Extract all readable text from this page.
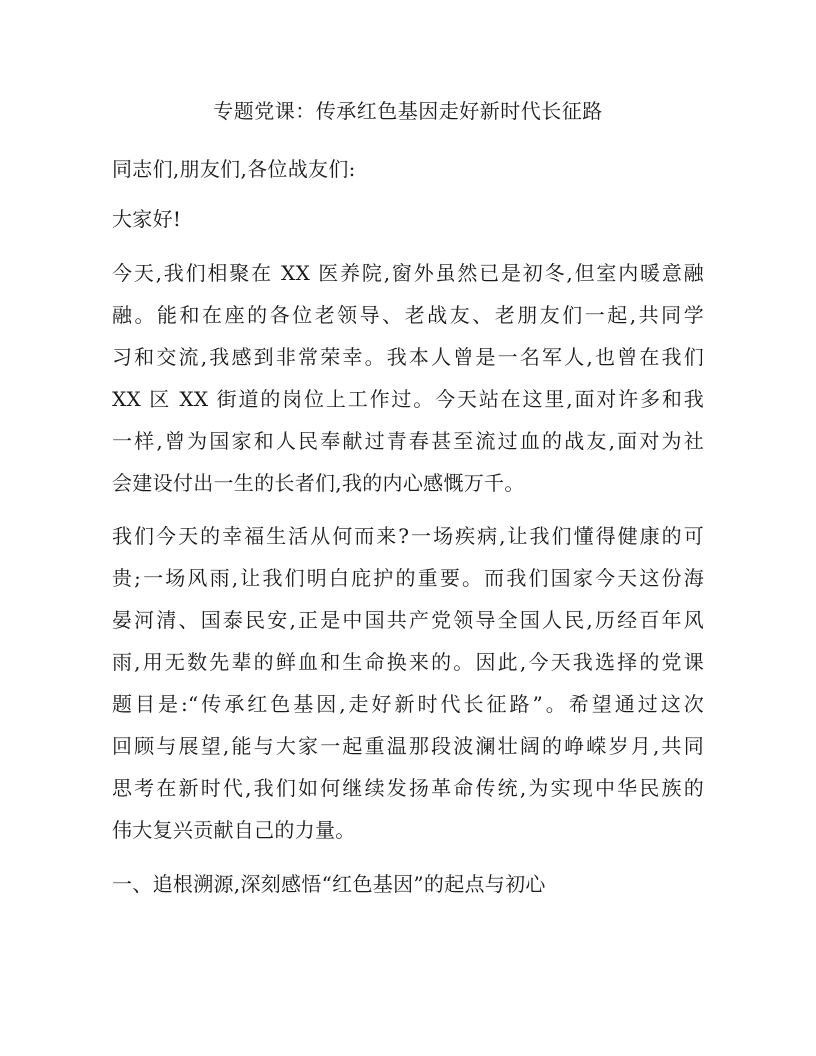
专题党课：传承红色基因走好新时代长征路
同志们,朋友们,各位战友们:
大家好!
今天,我们相聚在 XX 医养院,窗外虽然已是初冬,但室内暖意融
融。能和在座的各位老领导、老战友、老朋友们一起,共同学
习和交流,我感到非常荣幸。我本人曾是一名军人,也曾在我们
XX 区 XX 街道的岗位上工作过。今天站在这里,面对许多和我
一样,曾为国家和人民奉献过青春甚至流过血的战友,面对为社
会建设付出一生的长者们,我的内心感慨万千。
我们今天的幸福生活从何而来?一场疾病,让我们懂得健康的可
贵;一场风雨,让我们明白庇护的重要。而我们国家今天这份海
晏河清、国泰民安,正是中国共产党领导全国人民,历经百年风
雨,用无数先辈的鲜血和生命换来的。因此,今天我选择的党课
题目是:“传承红色基因,走好新时代长征路”。希望通过这次
回顾与展望,能与大家一起重温那段波澜壮阔的峥嵘岁月,共同
思考在新时代,我们如何继续发扬革命传统,为实现中华民族的
伟大复兴贡献自己的力量。
一、追根溯源,深刻感悟“红色基因”的起点与初心
